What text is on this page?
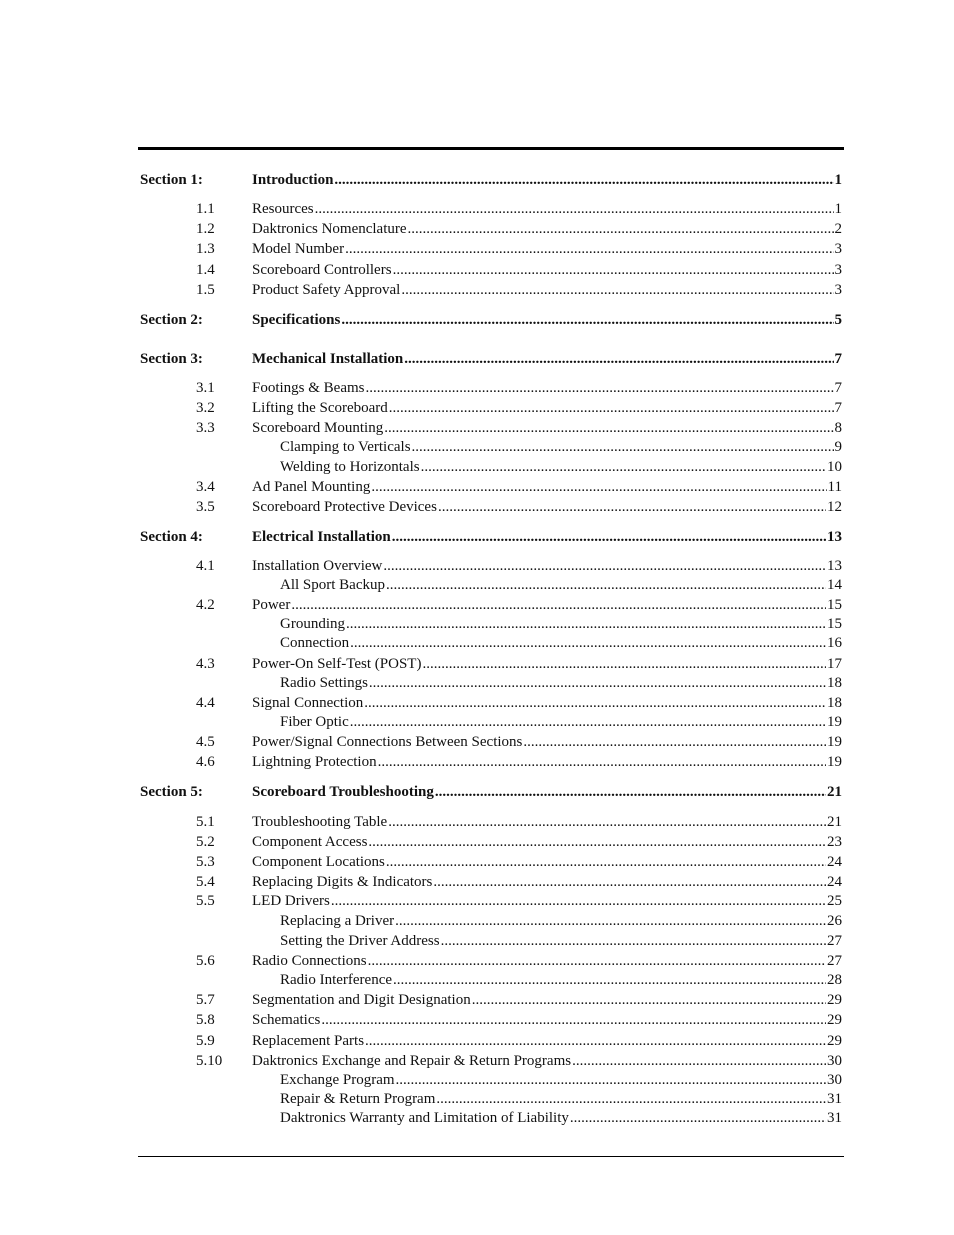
Section 1:	Introduction .....	1
1.1 Resources .....	1
1.2 Daktronics Nomenclature .....	2
1.3 Model Number .....	3
1.4 Scoreboard Controllers .....	3
1.5 Product Safety Approval .....	3
Section 2:	Specifications .....	5
Section 3:	Mechanical Installation .....	7
3.1 Footings & Beams .....	7
3.2 Lifting the Scoreboard .....	7
3.3 Scoreboard Mounting .....	8
Clamping to Verticals .....	9
Welding to Horizontals .....	10
3.4 Ad Panel Mounting .....	11
3.5 Scoreboard Protective Devices .....	12
Section 4:	Electrical Installation .....	13
4.1 Installation Overview .....	13
All Sport Backup .....	14
4.2 Power .....	15
Grounding .....	15
Connection .....	16
4.3 Power-On Self-Test (POST) .....	17
Radio Settings .....	18
4.4 Signal Connection .....	18
Fiber Optic .....	19
4.5 Power/Signal Connections Between Sections .....	19
4.6 Lightning Protection .....	19
Section 5:	Scoreboard Troubleshooting .....	21
5.1 Troubleshooting Table .....	21
5.2 Component Access .....	23
5.3 Component Locations .....	24
5.4 Replacing Digits & Indicators .....	24
5.5 LED Drivers .....	25
Replacing a Driver .....	26
Setting the Driver Address .....	27
5.6 Radio Connections .....	27
Radio Interference .....	28
5.7 Segmentation and Digit Designation .....	29
5.8 Schematics .....	29
5.9 Replacement Parts .....	29
5.10 Daktronics Exchange and Repair & Return Programs .....	30
Exchange Program .....	30
Repair & Return Program .....	31
Daktronics Warranty and Limitation of Liability .....	31
